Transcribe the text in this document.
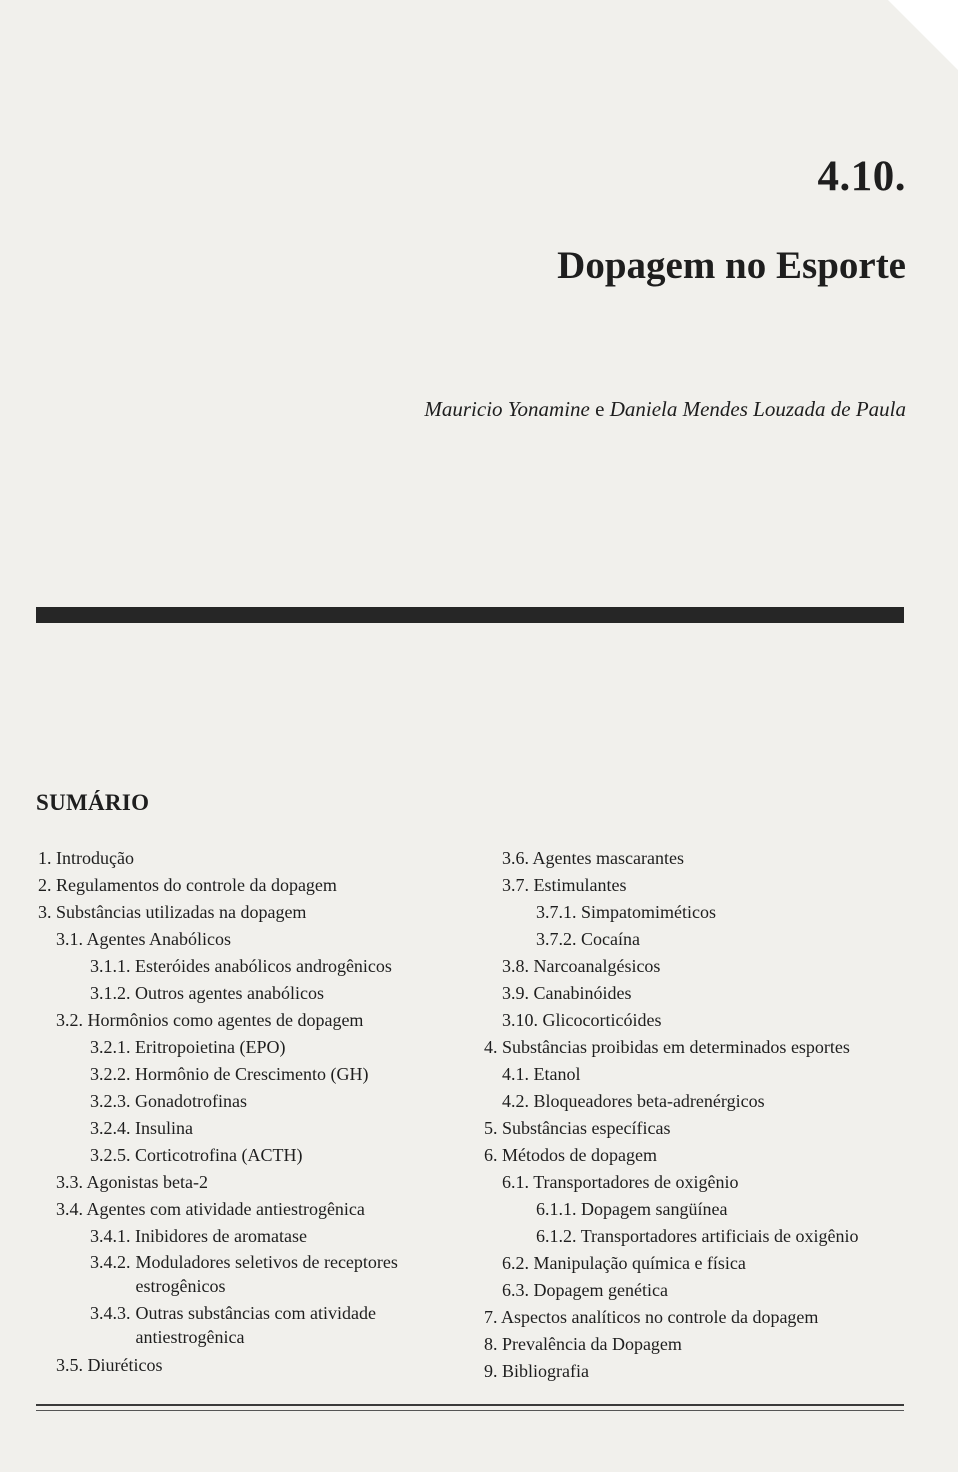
4.10.
Dopagem no Esporte
Mauricio Yonamine e Daniela Mendes Louzada de Paula
SUMÁRIO
1. Introdução
2. Regulamentos do controle da dopagem
3. Substâncias utilizadas na dopagem
3.1. Agentes Anabólicos
3.1.1. Esteróides anabólicos androgênicos
3.1.2. Outros agentes anabólicos
3.2. Hormônios como agentes de dopagem
3.2.1. Eritropoietina (EPO)
3.2.2. Hormônio de Crescimento (GH)
3.2.3. Gonadotrofinas
3.2.4. Insulina
3.2.5. Corticotrofina (ACTH)
3.3. Agonistas beta-2
3.4. Agentes com atividade antiestrogênica
3.4.1. Inibidores de aromatase
3.4.2. Moduladores seletivos de receptores estrogênicos
3.4.3. Outras substâncias com atividade antiestrogênica
3.5. Diuréticos
3.6. Agentes mascarantes
3.7. Estimulantes
3.7.1. Simpatomiméticos
3.7.2. Cocaína
3.8. Narcoanalgésicos
3.9. Canabinóides
3.10. Glicocorticóides
4. Substâncias proibidas em determinados esportes
4.1. Etanol
4.2. Bloqueadores beta-adrenérgicos
5. Substâncias específicas
6. Métodos de dopagem
6.1. Transportadores de oxigênio
6.1.1. Dopagem sangüínea
6.1.2. Transportadores artificiais de oxigênio
6.2. Manipulação química e física
6.3. Dopagem genética
7. Aspectos analíticos no controle da dopagem
8. Prevalência da Dopagem
9. Bibliografia
